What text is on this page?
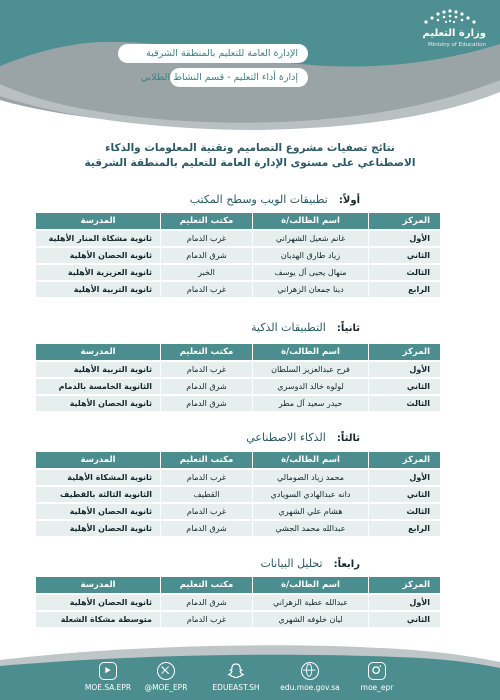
وزارة التعليم
Ministry of Education
الإدارة العامة للتعليم بالمنطقة الشرقية
إدارة أداء التعليم - قسم النشاط الطلابي
نتائج تصفيات مشروع التصاميم وتقنية المعلومات والذكاء
الاصطناعي على مستوى الإدارة العامة للتعليم بالمنطقة الشرقية
أولاً: تطبيقات الويب وسطح المكتب
المركز	اسم الطالب/ة	مكتب التعليم	المدرسة
الأول	غانم شعيل الشهراني	غرب الدمام	ثانوية مشكاة المنار الأهلية
الثاني	زياد طارق الهديان	شرق الدمام	ثانوية الحصان الأهلية
الثالث	منهال يحيى آل يوسف	الخبر	ثانوية العزيزية الأهلية
الرابع	دينا جمعان الزهراني	غرب الدمام	ثانوية التربية الأهلية
ثانياً: التطبيقات الذكية
المركز	اسم الطالب/ة	مكتب التعليم	المدرسة
الأول	فرح عبدالعزيز السلطان	غرب الدمام	ثانوية التربية الأهلية
الثاني	لولوه خالد الدوسري	شرق الدمام	الثانوية الخامسة بالدمام
الثالث	حيدر سعيد آل مطر	شرق الدمام	ثانوية الحصان الأهلية
ثالثاً: الذكاء الاصطناعي
المركز	اسم الطالب/ة	مكتب التعليم	المدرسة
الأول	محمد زياد الصومالي	غرب الدمام	ثانوية المشكاة الأهلية
الثاني	دانه عبدالهادي السويادي	القطيف	الثانوية الثالثة بالقطيف
الثالث	هشام علي الشهري	غرب الدمام	ثانوية الحصان الأهلية
الرابع	عبدالله محمد الجشي	شرق الدمام	ثانوية الحصان الأهلية
رابعاً: تحليل البيانات
المركز	اسم الطالب/ة	مكتب التعليم	المدرسة
الأول	عبدالله عطية الزهراني	شرق الدمام	ثانوية الحصان الأهلية
الثاني	ليان خلوفه الشهري	غرب الدمام	متوسطة مشكاة الشعلة
moe_epr
edu.moe.gov.sa
EDUEAST.SH
@MOE_EPR
MOE.SA.EPR
